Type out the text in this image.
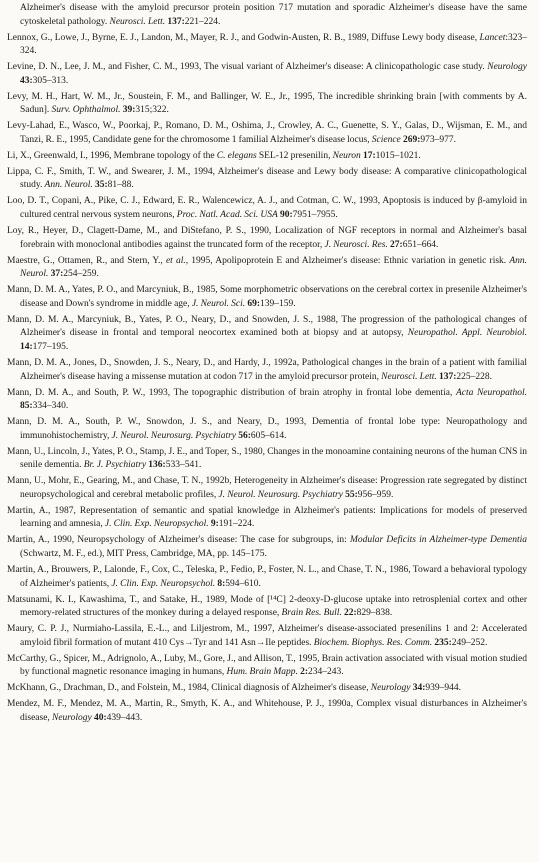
Alzheimer's disease with the amyloid precursor protein position 717 mutation and sporadic Alzheimer's disease have the same cytoskeletal pathology. Neurosci. Lett. 137:221–224.
Lennox, G., Lowe, J., Byrne, E. J., Landon, M., Mayer, R. J., and Godwin-Austen, R. B., 1989, Diffuse Lewy body disease, Lancet:323–324.
Levine, D. N., Lee, J. M., and Fisher, C. M., 1993, The visual variant of Alzheimer's disease: A clinicopathologic case study. Neurology 43:305–313.
Levy, M. H., Hart, W. M., Jr., Soustein, F. M., and Ballinger, W. E., Jr., 1995, The incredible shrinking brain [with comments by A. Sadun]. Surv. Ophthalmol. 39:315;322.
Levy-Lahad, E., Wasco, W., Poorkaj, P., Romano, D. M., Oshima, J., Crowley, A. C., Guenette, S. Y., Galas, D., Wijsman, E. M., and Tanzi, R. E., 1995, Candidate gene for the chromosome 1 familial Alzheimer's disease locus, Science 269:973–977.
Li, X., Greenwald, I., 1996, Membrane topology of the C. elegans SEL-12 presenilin, Neuron 17:1015–1021.
Lippa, C. F., Smith, T. W., and Swearer, J. M., 1994, Alzheimer's disease and Lewy body disease: A comparative clinicopathological study. Ann. Neurol. 35:81–88.
Loo, D. T., Copani, A., Pike, C. J., Edward, E. R., Walencewicz, A. J., and Cotman, C. W., 1993, Apoptosis is induced by β-amyloid in cultured central nervous system neurons, Proc. Natl. Acad. Sci. USA 90:7951–7955.
Loy, R., Heyer, D., Clagett-Dame, M., and DiStefano, P. S., 1990, Localization of NGF receptors in normal and Alzheimer's basal forebrain with monoclonal antibodies against the truncated form of the receptor, J. Neurosci. Res. 27:651–664.
Maestre, G., Ottamen, R., and Stern, Y., et al., 1995, Apolipoprotein E and Alzheimer's disease: Ethnic variation in genetic risk. Ann. Neurol. 37:254–259.
Mann, D. M. A., Yates, P. O., and Marcyniuk, B., 1985, Some morphometric observations on the cerebral cortex in presenile Alzheimer's disease and Down's syndrome in middle age, J. Neurol. Sci. 69:139–159.
Mann, D. M. A., Marcyniuk, B., Yates, P. O., Neary, D., and Snowden, J. S., 1988, The progression of the pathological changes of Alzheimer's disease in frontal and temporal neocortex examined both at biopsy and at autopsy, Neuropathol. Appl. Neurobiol. 14:177–195.
Mann, D. M. A., Jones, D., Snowden, J. S., Neary, D., and Hardy, J., 1992a, Pathological changes in the brain of a patient with familial Alzheimer's disease having a missense mutation at codon 717 in the amyloid precursor protein, Neurosci. Lett. 137:225–228.
Mann, D. M. A., and South, P. W., 1993, The topographic distribution of brain atrophy in frontal lobe dementia, Acta Neuropathol. 85:334–340.
Mann, D. M. A., South, P. W., Snowdon, J. S., and Neary, D., 1993, Dementia of frontal lobe type: Neuropathology and immunohistochemistry, J. Neurol. Neurosurg. Psychiatry 56:605–614.
Mann, U., Lincoln, J., Yates, P. O., Stamp, J. E., and Toper, S., 1980, Changes in the monoamine containing neurons of the human CNS in senile dementia. Br. J. Psychiatry 136:533–541.
Mann, U., Mohr, E., Gearing, M., and Chase, T. N., 1992b, Heterogeneity in Alzheimer's disease: Progression rate segregated by distinct neuropsychological and cerebral metabolic profiles, J. Neurol. Neurosurg. Psychiatry 55:956–959.
Martin, A., 1987, Representation of semantic and spatial knowledge in Alzheimer's patients: Implications for models of preserved learning and amnesia, J. Clin. Exp. Neuropsychol. 9:191–224.
Martin, A., 1990, Neuropsychology of Alzheimer's disease: The case for subgroups, in: Modular Deficits in Alzheimer-type Dementia (Schwartz, M. F., ed.), MIT Press, Cambridge, MA, pp. 145–175.
Martin, A., Brouwers, P., Lalonde, F., Cox, C., Teleska, P., Fedio, P., Foster, N. L., and Chase, T. N., 1986, Toward a behavioral typology of Alzheimer's patients, J. Clin. Exp. Neuropsychol. 8:594–610.
Matsunami, K. I., Kawashima, T., and Satake, H., 1989, Mode of [¹⁴C] 2-deoxy-D-glucose uptake into retrosplenial cortex and other memory-related structures of the monkey during a delayed response, Brain Res. Bull. 22:829–838.
Maury, C. P. J., Nurmiaho-Lassila, E.-L., and Liljestrom, M., 1997, Alzheimer's disease-associated presenilins 1 and 2: Accelerated amyloid fibril formation of mutant 410 Cys→Tyr and 141 Asn→Ile peptides. Biochem. Biophys. Res. Comm. 235:249–252.
McCarthy, G., Spicer, M., Adrignolo, A., Luby, M., Gore, J., and Allison, T., 1995, Brain activation associated with visual motion studied by functional magnetic resonance imaging in humans, Hum. Brain Mapp. 2:234–243.
McKhann, G., Drachman, D., and Folstein, M., 1984, Clinical diagnosis of Alzheimer's disease, Neurology 34:939–944.
Mendez, M. F., Mendez, M. A., Martin, R., Smyth, K. A., and Whitehouse, P. J., 1990a, Complex visual disturbances in Alzheimer's disease, Neurology 40:439–443.
